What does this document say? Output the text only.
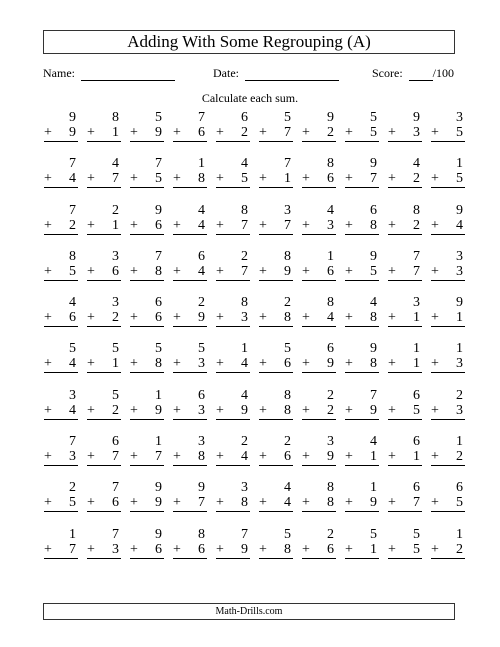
Adding With Some Regrouping (A)
Name:	Date:	Score:	/100
Calculate each sum.
9
+ 9
8
+ 1
5
+ 9
7
+ 6
6
+ 2
5
+ 7
9
+ 2
5
+ 5
9
+ 3
3
+ 5
7
+ 4
4
+ 7
7
+ 5
1
+ 8
4
+ 5
7
+ 1
8
+ 6
9
+ 7
4
+ 2
1
+ 5
7
+ 2
2
+ 1
9
+ 6
4
+ 4
8
+ 7
3
+ 7
4
+ 3
6
+ 8
8
+ 2
9
+ 4
8
+ 5
3
+ 6
7
+ 8
6
+ 4
2
+ 7
8
+ 9
1
+ 6
9
+ 5
7
+ 7
3
+ 3
4
+ 6
3
+ 2
6
+ 6
2
+ 9
8
+ 3
2
+ 8
8
+ 4
4
+ 8
3
+ 1
9
+ 1
5
+ 4
5
+ 1
5
+ 8
5
+ 3
1
+ 4
5
+ 6
6
+ 9
9
+ 8
1
+ 1
1
+ 3
3
+ 4
5
+ 2
1
+ 9
6
+ 3
4
+ 9
8
+ 8
2
+ 2
7
+ 9
6
+ 5
2
+ 3
7
+ 3
6
+ 7
1
+ 7
3
+ 8
2
+ 4
2
+ 6
3
+ 9
4
+ 1
6
+ 1
1
+ 2
2
+ 5
7
+ 6
9
+ 9
9
+ 7
3
+ 8
4
+ 4
8
+ 8
1
+ 9
6
+ 7
6
+ 5
1
+ 7
7
+ 3
9
+ 6
8
+ 6
7
+ 9
5
+ 8
2
+ 6
5
+ 1
5
+ 5
1
+ 2
Math-Drills.com
